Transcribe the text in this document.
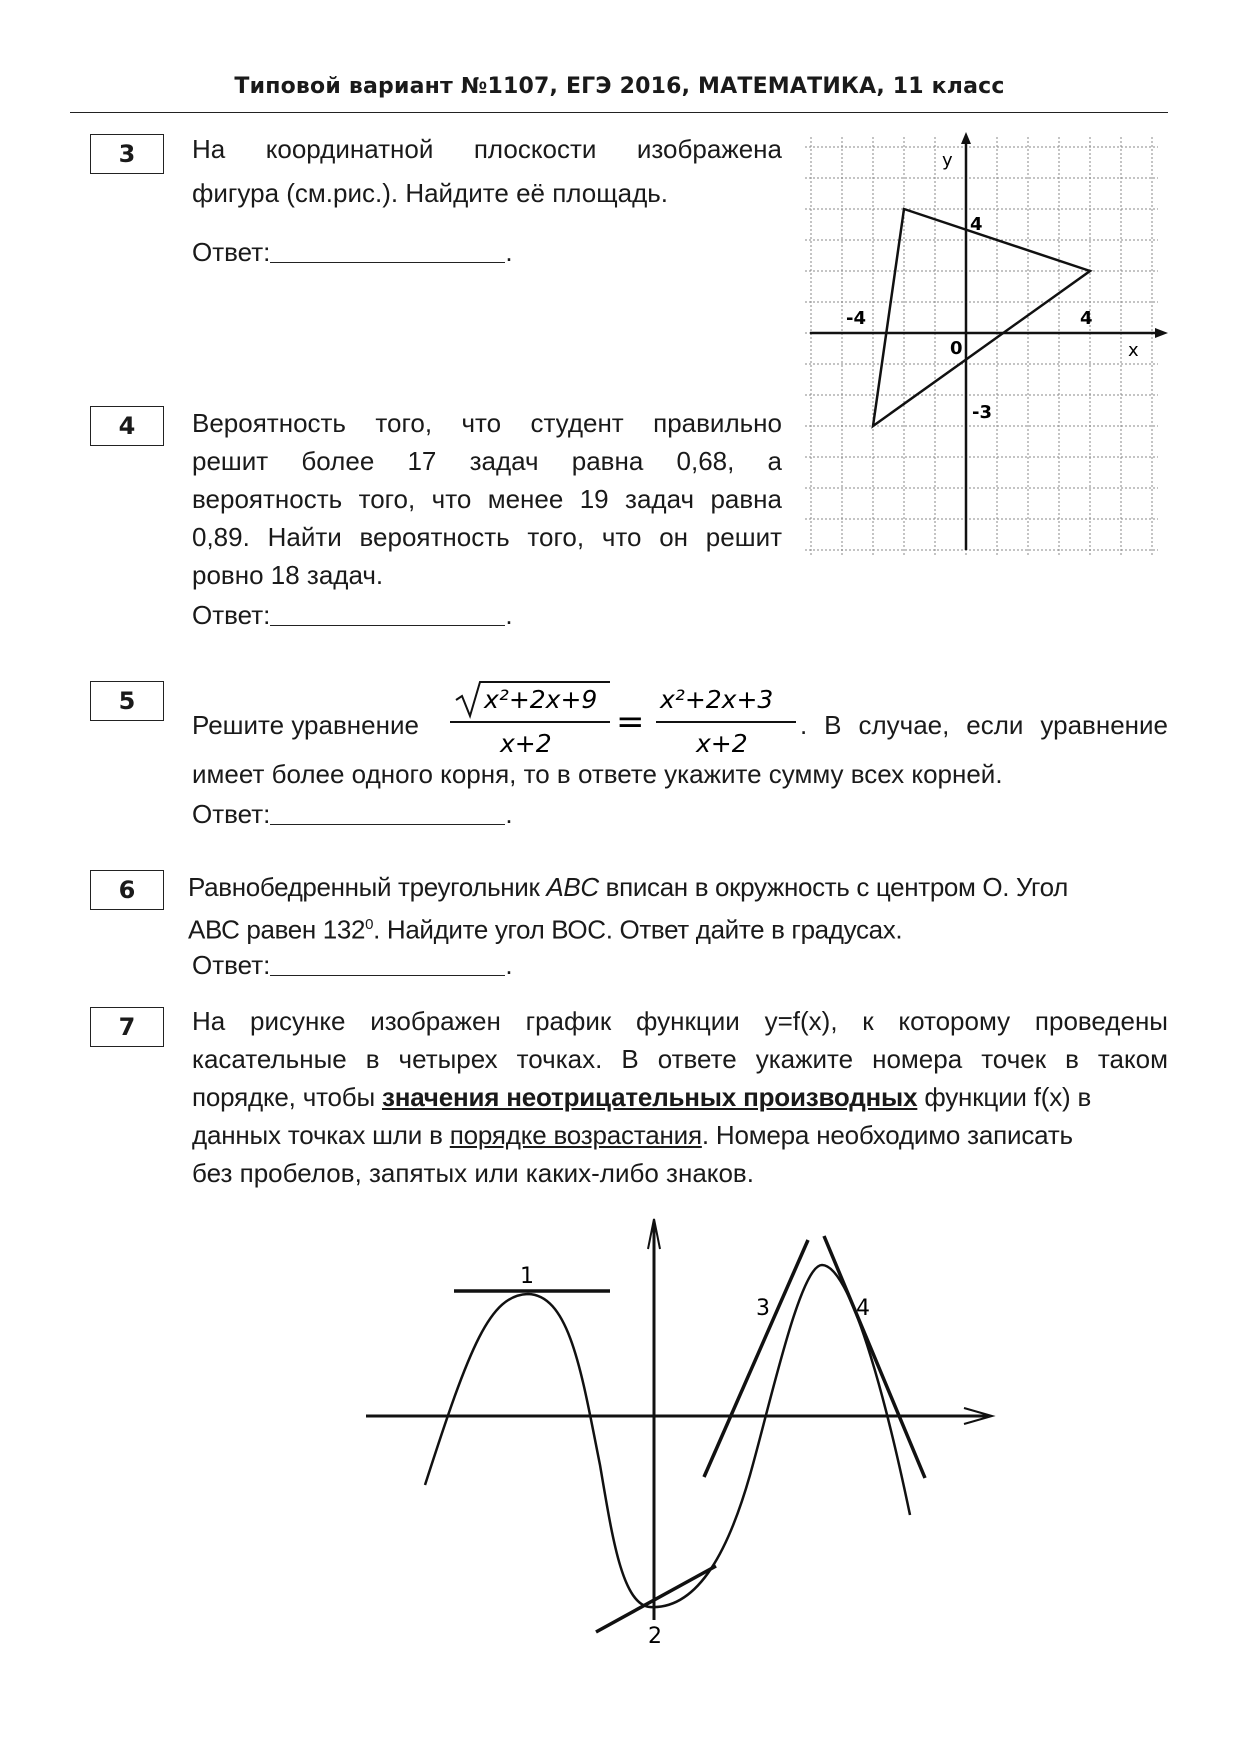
Типовой вариант №1107, ЕГЭ 2016, МАТЕМАТИКА, 11 класс
3	На координатной плоскости изображена
фигура (см.рис.). Найдите её площадь.
Ответ:	.
y
x
0
-4	4
4
-3
4	Вероятность того, что студент правильно
решит более 17 задач равна 0,68, а
вероятность того, что менее 19 задач равна
0,89. Найти вероятность того, что он решит
ровно 18 задач.
Ответ:	.
5
Решите уравнение
x²+2x+9
x+2
=
x²+2x+3
x+2
. В случае, если уравнение
имеет более одного корня, то в ответе укажите сумму всех корней.
Ответ:	.
6	Равнобедренный треугольник ABC вписан в окружность с центром О. Угол
АВС равен $132^0$. Найдите угол ВОС. Ответ дайте в градусах.
Ответ:	.
7	На рисунке изображен график функции y=f(x), к которому проведены
касательные в четырех точках. В ответе укажите номера точек в таком
порядке, чтобы значения неотрицательных производных функции f(x) в
данных точках шли в порядке возрастания. Номера необходимо записать
без пробелов, запятых или каких-либо знаков.
1
2
3	4
